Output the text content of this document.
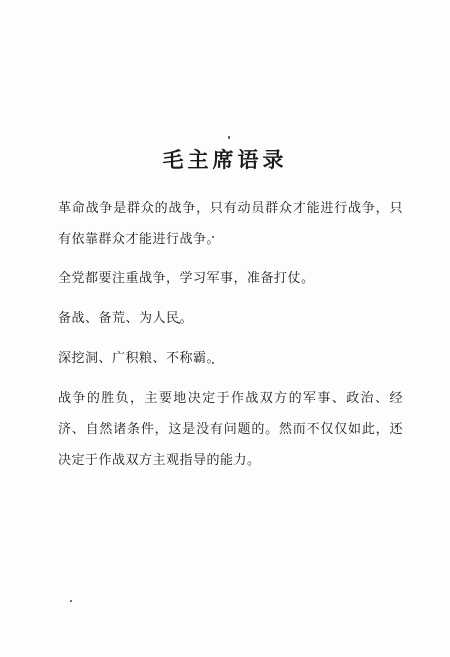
毛主席语录

革命战争是群众的战争，只有动员群众才能进行战争，只有依靠群众才能进行战争。

全党都要注重战争，学习军事，准备打仗。

备战、备荒、为人民。

深挖洞、广积粮、不称霸。

战争的胜负，主要地决定于作战双方的军事、政治、经济、自然诸条件，这是没有问题的。然而不仅仅如此，还决定于作战双方主观指导的能力。
